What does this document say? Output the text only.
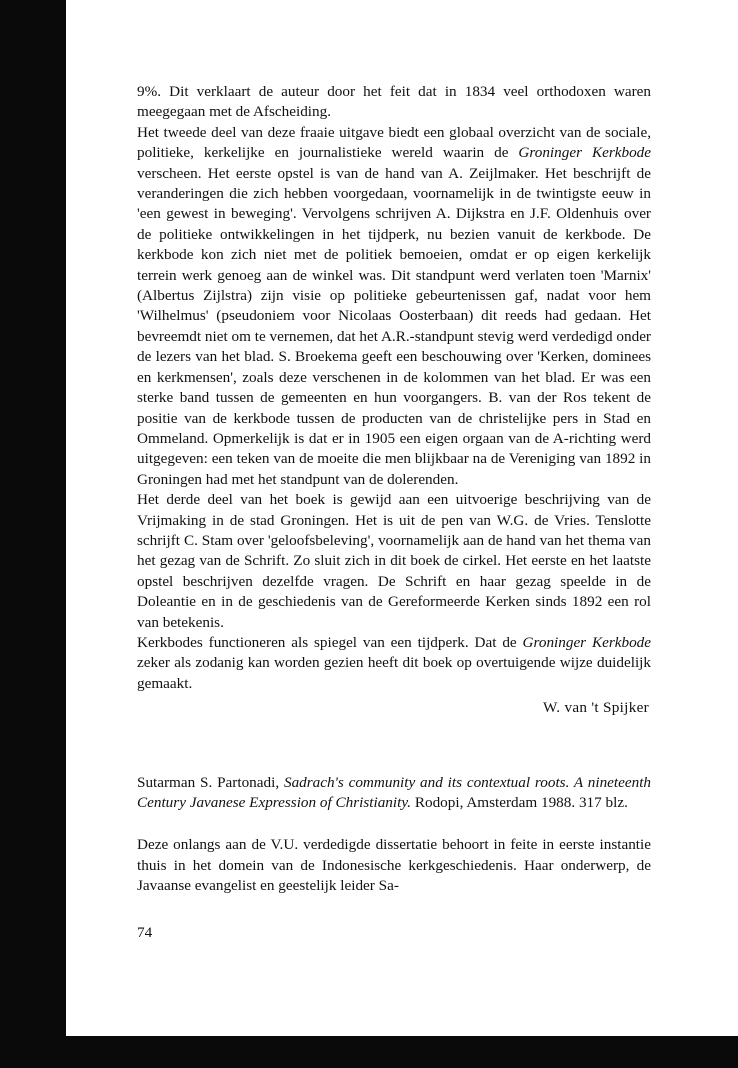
9%. Dit verklaart de auteur door het feit dat in 1834 veel orthodoxen waren meegegaan met de Afscheiding.

Het tweede deel van deze fraaie uitgave biedt een globaal overzicht van de sociale, politieke, kerkelijke en journalistieke wereld waarin de Groninger Kerkbode verscheen. Het eerste opstel is van de hand van A. Zeijlmaker. Het beschrijft de veranderingen die zich hebben voorgedaan, voornamelijk in de twintigste eeuw in 'een gewest in beweging'. Vervolgens schrijven A. Dijkstra en J.F. Oldenhuis over de politieke ontwikkelingen in het tijdperk, nu bezien vanuit de kerkbode. De kerkbode kon zich niet met de politiek bemoeien, omdat er op eigen kerkelijk terrein werk genoeg aan de winkel was. Dit standpunt werd verlaten toen 'Marnix' (Albertus Zijlstra) zijn visie op politieke gebeurtenissen gaf, nadat voor hem 'Wilhelmus' (pseudoniem voor Nicolaas Oosterbaan) dit reeds had gedaan. Het bevreemdt niet om te vernemen, dat het A.R.-standpunt stevig werd verdedigd onder de lezers van het blad. S. Broekema geeft een beschouwing over 'Kerken, dominees en kerkmensen', zoals deze verschenen in de kolommen van het blad. Er was een sterke band tussen de gemeenten en hun voorgangers. B. van der Ros tekent de positie van de kerkbode tussen de producten van de christelijke pers in Stad en Ommeland. Opmerkelijk is dat er in 1905 een eigen orgaan van de A-richting werd uitgegeven: een teken van de moeite die men blijkbaar na de Vereniging van 1892 in Groningen had met het standpunt van de dolerenden.

Het derde deel van het boek is gewijd aan een uitvoerige beschrijving van de Vrijmaking in de stad Groningen. Het is uit de pen van W.G. de Vries. Tenslotte schrijft C. Stam over 'geloofsbeleving', voornamelijk aan de hand van het thema van het gezag van de Schrift. Zo sluit zich in dit boek de cirkel. Het eerste en het laatste opstel beschrijven dezelfde vragen. De Schrift en haar gezag speelde in de Doleantie en in de geschiedenis van de Gereformeerde Kerken sinds 1892 een rol van betekenis.

Kerkbodes functioneren als spiegel van een tijdperk. Dat de Groninger Kerkbode zeker als zodanig kan worden gezien heeft dit boek op overtuigende wijze duidelijk gemaakt.

W. van 't Spijker

Sutarman S. Partonadi, Sadrach's community and its contextual roots. A nineteenth Century Javanese Expression of Christianity. Rodopi, Amsterdam 1988. 317 blz.

Deze onlangs aan de V.U. verdedigde dissertatie behoort in feite in eerste instantie thuis in het domein van de Indonesische kerkgeschiedenis. Haar onderwerp, de Javaanse evangelist en geestelijk leider Sa-

74
